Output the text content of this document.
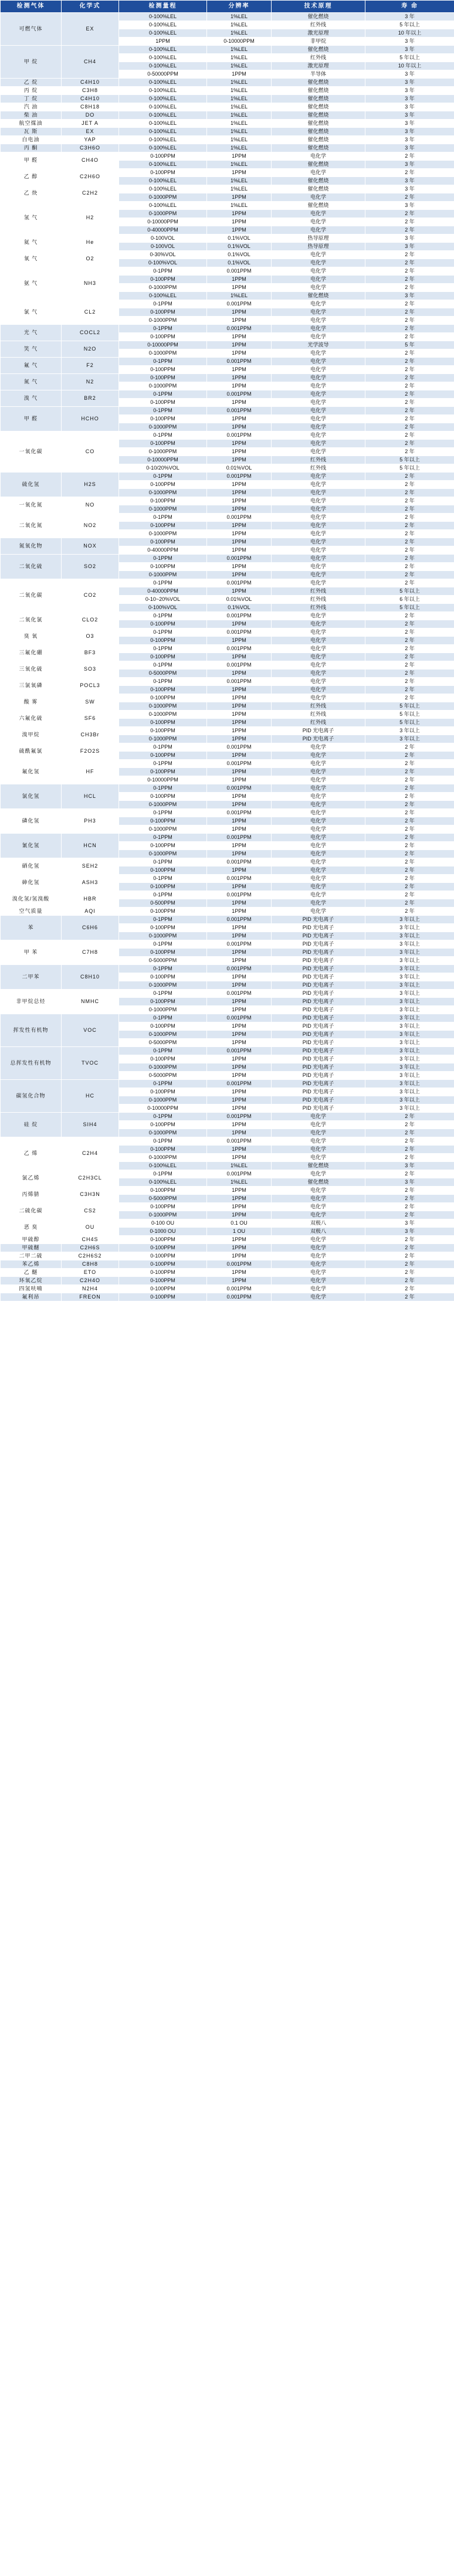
检测气体	化学式	检测量程	分辨率	技术原理	寿 命
可燃气体	EX	0-100%LEL	1%LEL	催化燃烧	3 年
		0-100%LEL	1%LEL	红外线	5 年以上
		0-100%LEL	1%LEL	激光原理	10 年以上
		1PPM	0-10000PPM	非甲烷	3 年
甲 烷	CH4	0-100%LEL	1%LEL	催化燃烧	3 年
		0-100%LEL	1%LEL	红外线	5 年以上
		0-100%LEL	1%LEL	激光原理	10 年以上
		0-50000PPM	1PPM	半导体	3 年
乙 烷	C4H10	0-100%LEL	1%LEL	催化燃烧	3 年
丙 烷	C3H8	0-100%LEL	1%LEL	催化燃烧	3 年
丁 烷	C4H10	0-100%LEL	1%LEL	催化燃烧	3 年
汽 油	C8H18	0-100%LEL	1%LEL	催化燃烧	3 年
柴 油	DO	0-100%LEL	1%LEL	催化燃烧	3 年
航空煤油	JET A	0-100%LEL	1%LEL	催化燃烧	3 年
瓦 斯	EX	0-100%LEL	1%LEL	催化燃烧	3 年
白电油	YAP	0-100%LEL	1%LEL	催化燃烧	3 年
丙 酮	C3H6O	0-100%LEL	1%LEL	催化燃烧	3 年
甲 醛	CH4O	0-100PPM	1PPM	电化学	2 年
		0-100%LEL	1%LEL	催化燃烧	3 年
乙 醇	C2H6O	0-100PPM	1PPM	电化学	2 年
		0-100%LEL	1%LEL	催化燃烧	3 年
乙 炔	C2H2	0-100%LEL	1%LEL	催化燃烧	3 年
		0-1000PPM	1PPM	电化学	2 年
氢 气	H2	0-100%LEL	1%LEL	催化燃烧	3 年
		0-1000PPM	1PPM	电化学	2 年
		0-10000PPM	1PPM	电化学	2 年
		0-40000PPM	1PPM	电化学	2 年
氦 气	He	0-100VOL	0.1%VOL	热导原理	3 年
		0-100VOL	0.1%VOL	热导原理	3 年
氧 气	O2	0-30%VOL	0.1%VOL	电化学	2 年
		0-100%VOL	0.1%VOL	电化学	2 年
氨 气	NH3	0-1PPM	0.001PPM	电化学	2 年
		0-100PPM	1PPM	电化学	2 年
		0-1000PPM	1PPM	电化学	2 年
		0-100%LEL	1%LEL	催化燃烧	3 年
氯 气	CL2	0-1PPM	0.001PPM	电化学	2 年
		0-100PPM	1PPM	电化学	2 年
		0-1000PPM	1PPM	电化学	2 年
光 气	COCL2	0-1PPM	0.001PPM	电化学	2 年
		0-100PPM	1PPM	电化学	2 年
笑 气	N2O	0-10000PPM	1PPM	光学波导	5 年
		0-1000PPM	1PPM	电化学	2 年
氟 气	F2	0-1PPM	0.001PPM	电化学	2 年
		0-100PPM	1PPM	电化学	2 年
氮 气	N2	0-100PPM	1PPM	电化学	2 年
		0-1000PPM	1PPM	电化学	2 年
溴 气	BR2	0-1PPM	0.001PPM	电化学	2 年
		0-100PPM	1PPM	电化学	2 年
甲 醛	HCHO	0-1PPM	0.001PPM	电化学	2 年
		0-100PPM	1PPM	电化学	2 年
		0-1000PPM	1PPM	电化学	2 年
一氧化碳	CO	0-1PPM	0.001PPM	电化学	2 年
		0-100PPM	1PPM	电化学	2 年
		0-1000PPM	1PPM	电化学	2 年
		0-10000PPM	1PPM	红外线	5 年以上
		0-10/20%VOL	0.01%VOL	红外线	5 年以上
硫化氢	H2S	0-1PPM	0.001PPM	电化学	2 年
		0-100PPM	1PPM	电化学	2 年
		0-1000PPM	1PPM	电化学	2 年
一氧化氮	NO	0-100PPM	1PPM	电化学	2 年
		0-1000PPM	1PPM	电化学	2 年
二氧化氮	NO2	0-1PPM	0.001PPM	电化学	2 年
		0-100PPM	1PPM	电化学	2 年
		0-1000PPM	1PPM	电化学	2 年
氮氧化物	NOX	0-100PPM	1PPM	电化学	2 年
		0-40000PPM	1PPM	电化学	2 年
二氧化硫	SO2	0-1PPM	0.001PPM	电化学	2 年
		0-100PPM	1PPM	电化学	2 年
		0-1000PPM	1PPM	电化学	2 年
二氧化碳	CO2	0-1PPM	0.001PPM	电化学	2 年
		0-40000PPM	1PPM	红外线	5 年以上
		0-10~20%VOL	0.01%VOL	红外线	6 年以上
		0-100%VOL	0.1%VOL	红外线	5 年以上
二氧化氯	CLO2	0-1PPM	0.001PPM	电化学	2 年
		0-100PPM	1PPM	电化学	2 年
臭 氧	O3	0-1PPM	0.001PPM	电化学	2 年
		0-100PPM	1PPM	电化学	2 年
三氟化硼	BF3	0-1PPM	0.001PPM	电化学	2 年
		0-100PPM	1PPM	电化学	2 年
三氧化硫	SO3	0-1PPM	0.001PPM	电化学	2 年
		0-5000PPM	1PPM	电化学	2 年
三氯氧磷	POCL3	0-1PPM	0.001PPM	电化学	2 年
		0-100PPM	1PPM	电化学	2 年
酸 雾	SW	0-100PPM	1PPM	电化学	2 年
		0-1000PPM	1PPM	红外线	5 年以上
六氟化硫	SF6	0-1000PPM	1PPM	红外线	5 年以上
		0-100PPM	1PPM	红外线	5 年以上
溴甲烷	CH3Br	0-100PPM	1PPM	PID 光电离子	3 年以上
		0-1000PPM	1PPM	PID 光电离子	3 年以上
硫酰氟氯	F2O2S	0-1PPM	0.001PPM	电化学	2 年
		0-100PPM	1PPM	电化学	2 年
氟化氢	HF	0-1PPM	0.001PPM	电化学	2 年
		0-100PPM	1PPM	电化学	2 年
		0-10000PPM	1PPM	电化学	2 年
氯化氢	HCL	0-1PPM	0.001PPM	电化学	2 年
		0-100PPM	1PPM	电化学	2 年
		0-1000PPM	1PPM	电化学	2 年
磷化氢	PH3	0-1PPM	0.001PPM	电化学	2 年
		0-100PPM	1PPM	电化学	2 年
		0-1000PPM	1PPM	电化学	2 年
氰化氢	HCN	0-1PPM	0.001PPM	电化学	2 年
		0-100PPM	1PPM	电化学	2 年
		0-1000PPM	1PPM	电化学	2 年
硒化氢	SEH2	0-1PPM	0.001PPM	电化学	2 年
		0-100PPM	1PPM	电化学	2 年
砷化氢	ASH3	0-1PPM	0.001PPM	电化学	2 年
		0-100PPM	1PPM	电化学	2 年
溴化氢/氢溴酸	HBR	0-1PPM	0.001PPM	电化学	2 年
		0-500PPM	1PPM	电化学	2 年
空气质量	AQI	0-100PPM	1PPM	电化学	2 年
苯	C6H6	0-1PPM	0.001PPM	PID 光电离子	3 年以上
		0-100PPM	1PPM	PID 光电离子	3 年以上
		0-1000PPM	1PPM	PID 光电离子	3 年以上
甲 苯	C7H8	0-1PPM	0.001PPM	PID 光电离子	3 年以上
		0-100PPM	1PPM	PID 光电离子	3 年以上
		0-5000PPM	1PPM	PID 光电离子	3 年以上
二甲苯	C8H10	0-1PPM	0.001PPM	PID 光电离子	3 年以上
		0-100PPM	1PPM	PID 光电离子	3 年以上
		0-1000PPM	1PPM	PID 光电离子	3 年以上
非甲烷总烃	NMHC	0-1PPM	0.001PPM	PID 光电离子	3 年以上
		0-100PPM	1PPM	PID 光电离子	3 年以上
		0-1000PPM	1PPM	PID 光电离子	3 年以上
挥发性有机物	VOC	0-1PPM	0.001PPM	PID 光电离子	3 年以上
		0-100PPM	1PPM	PID 光电离子	3 年以上
		0-1000PPM	1PPM	PID 光电离子	3 年以上
		0-5000PPM	1PPM	PID 光电离子	3 年以上
总挥发性有机物	TVOC	0-1PPM	0.001PPM	PID 光电离子	3 年以上
		0-100PPM	1PPM	PID 光电离子	3 年以上
		0-1000PPM	1PPM	PID 光电离子	3 年以上
		0-5000PPM	1PPM	PID 光电离子	3 年以上
碳氢化合物	HC	0-1PPM	0.001PPM	PID 光电离子	3 年以上
		0-100PPM	1PPM	PID 光电离子	3 年以上
		0-1000PPM	1PPM	PID 光电离子	3 年以上
		0-10000PPM	1PPM	PID 光电离子	3 年以上
硅 烷	SIH4	0-1PPM	0.001PPM	电化学	2 年
		0-100PPM	1PPM	电化学	2 年
		0-1000PPM	1PPM	电化学	2 年
乙 烯	C2H4	0-1PPM	0.001PPM	电化学	2 年
		0-100PPM	1PPM	电化学	2 年
		0-1000PPM	1PPM	电化学	2 年
		0-100%LEL	1%LEL	催化燃烧	3 年
氯乙烯	C2H3CL	0-1PPM	0.001PPM	电化学	2 年
		0-100%LEL	1%LEL	催化燃烧	3 年
丙烯腈	C3H3N	0-100PPM	1PPM	电化学	2 年
		0-5000PPM	1PPM	电化学	2 年
二硫化碳	CS2	0-100PPM	1PPM	电化学	2 年
		0-1000PPM	1PPM	电化学	2 年
恶 臭	OU	0-100 OU	0.1 OU	双极八	3 年
		0-1000 OU	1 OU	双极八	3 年
甲硫醇	CH4S	0-100PPM	1PPM	电化学	2 年
甲硫醚	C2H6S	0-100PPM	1PPM	电化学	2 年
二甲二硫	C2H6S2	0-100PPM	1PPM	电化学	2 年
苯乙烯	C8H8	0-100PPM	0.001PPM	电化学	2 年
乙 醚	ETO	0-100PPM	1PPM	电化学	2 年
环氧乙烷	C2H4O	0-100PPM	1PPM	电化学	2 年
四氢呋喃	N2H4	0-100PPM	0.001PPM	电化学	2 年
氟利昂	FREON	0-100PPM	0.001PPM	电化学	2 年
